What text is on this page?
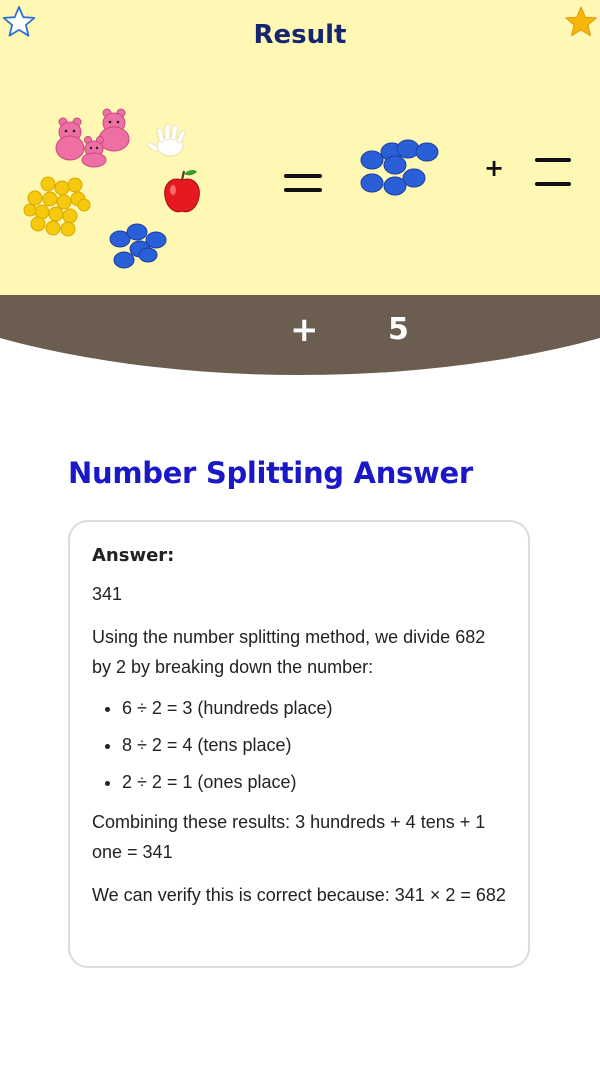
+ 5
Result
+
Number Splitting Answer

Answer:

341

Using the number splitting method, we divide 682 by 2 by breaking down the number:

• 6 ÷ 2 = 3 (hundreds place)
• 8 ÷ 2 = 4 (tens place)
• 2 ÷ 2 = 1 (ones place)

Combining these results: 3 hundreds + 4 tens + 1 one = 341

We can verify this is correct because: 341 × 2 = 682
